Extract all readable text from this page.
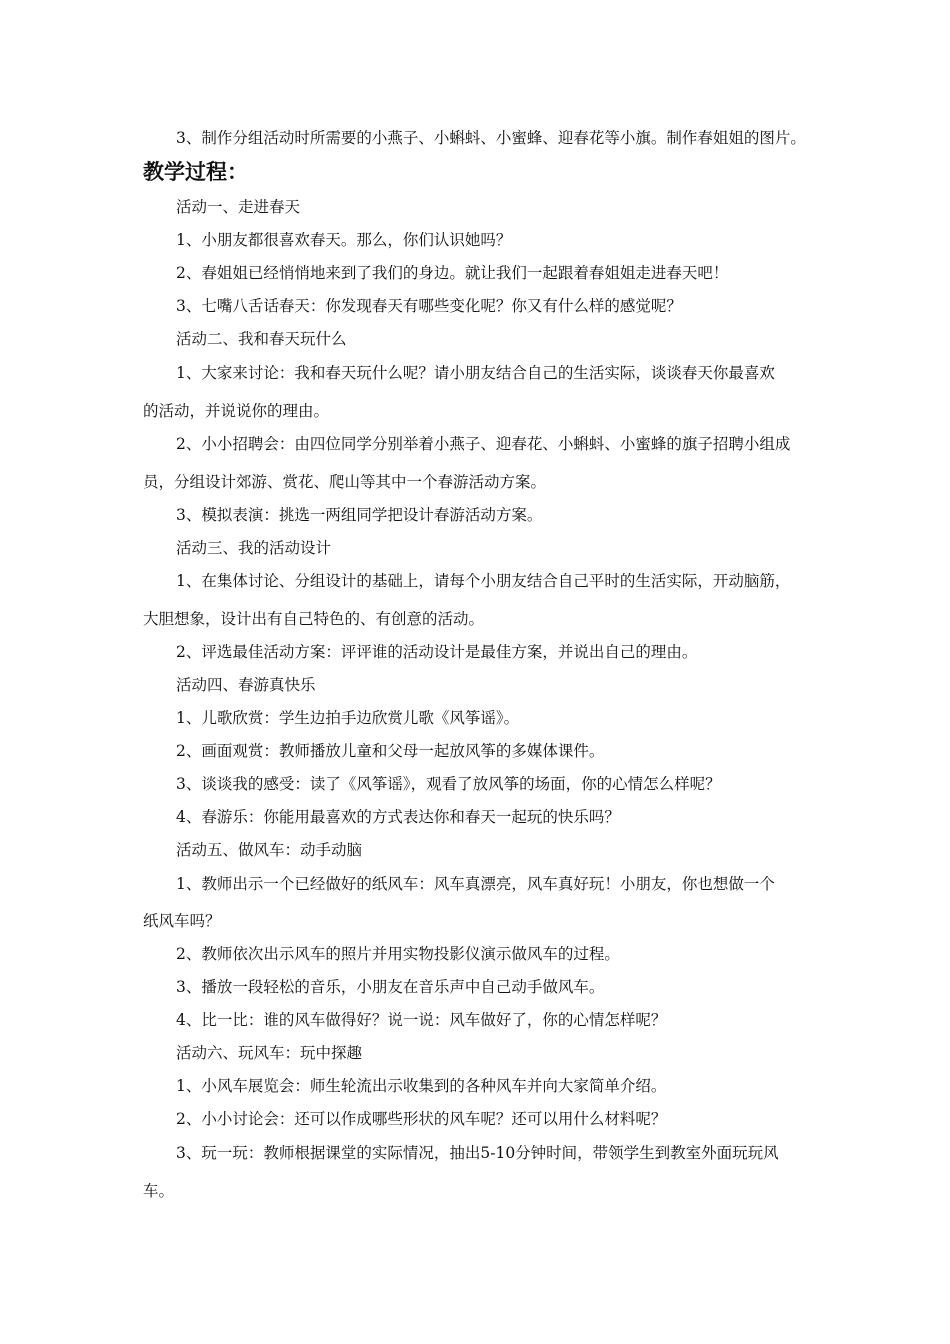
3、制作分组活动时所需要的小燕子、小蝌蚪、小蜜蜂、迎春花等小旗。制作春姐姐的图片。
教学过程：
活动一、走进春天
1、小朋友都很喜欢春天。那么，你们认识她吗？
2、春姐姐已经悄悄地来到了我们的身边。就让我们一起跟着春姐姐走进春天吧！
3、七嘴八舌话春天：你发现春天有哪些变化呢？你又有什么样的感觉呢？
活动二、我和春天玩什么
1、大家来讨论：我和春天玩什么呢？请小朋友结合自己的生活实际，谈谈春天你最喜欢
的活动，并说说你的理由。
2、小小招聘会：由四位同学分别举着小燕子、迎春花、小蝌蚪、小蜜蜂的旗子招聘小组成
员，分组设计郊游、赏花、爬山等其中一个春游活动方案。
3、模拟表演：挑选一两组同学把设计春游活动方案。
活动三、我的活动设计
1、在集体讨论、分组设计的基础上，请每个小朋友结合自己平时的生活实际，开动脑筋，
大胆想象，设计出有自己特色的、有创意的活动。
2、评选最佳活动方案：评评谁的活动设计是最佳方案，并说出自己的理由。
活动四、春游真快乐
1、儿歌欣赏：学生边拍手边欣赏儿歌《风筝谣》。
2、画面观赏：教师播放儿童和父母一起放风筝的多媒体课件。
3、谈谈我的感受：读了《风筝谣》，观看了放风筝的场面，你的心情怎么样呢？
4、春游乐：你能用最喜欢的方式表达你和春天一起玩的快乐吗？
活动五、做风车：动手动脑
1、教师出示一个已经做好的纸风车：风车真漂亮，风车真好玩！小朋友，你也想做一个
纸风车吗？
2、教师依次出示风车的照片并用实物投影仪演示做风车的过程。
3、播放一段轻松的音乐，小朋友在音乐声中自己动手做风车。
4、比一比：谁的风车做得好？说一说：风车做好了，你的心情怎样呢？
活动六、玩风车：玩中探趣
1、小风车展览会：师生轮流出示收集到的各种风车并向大家简单介绍。
2、小小讨论会：还可以作成哪些形状的风车呢？还可以用什么材料呢？
3、玩一玩：教师根据课堂的实际情况，抽出5-10分钟时间，带领学生到教室外面玩玩风
车。
